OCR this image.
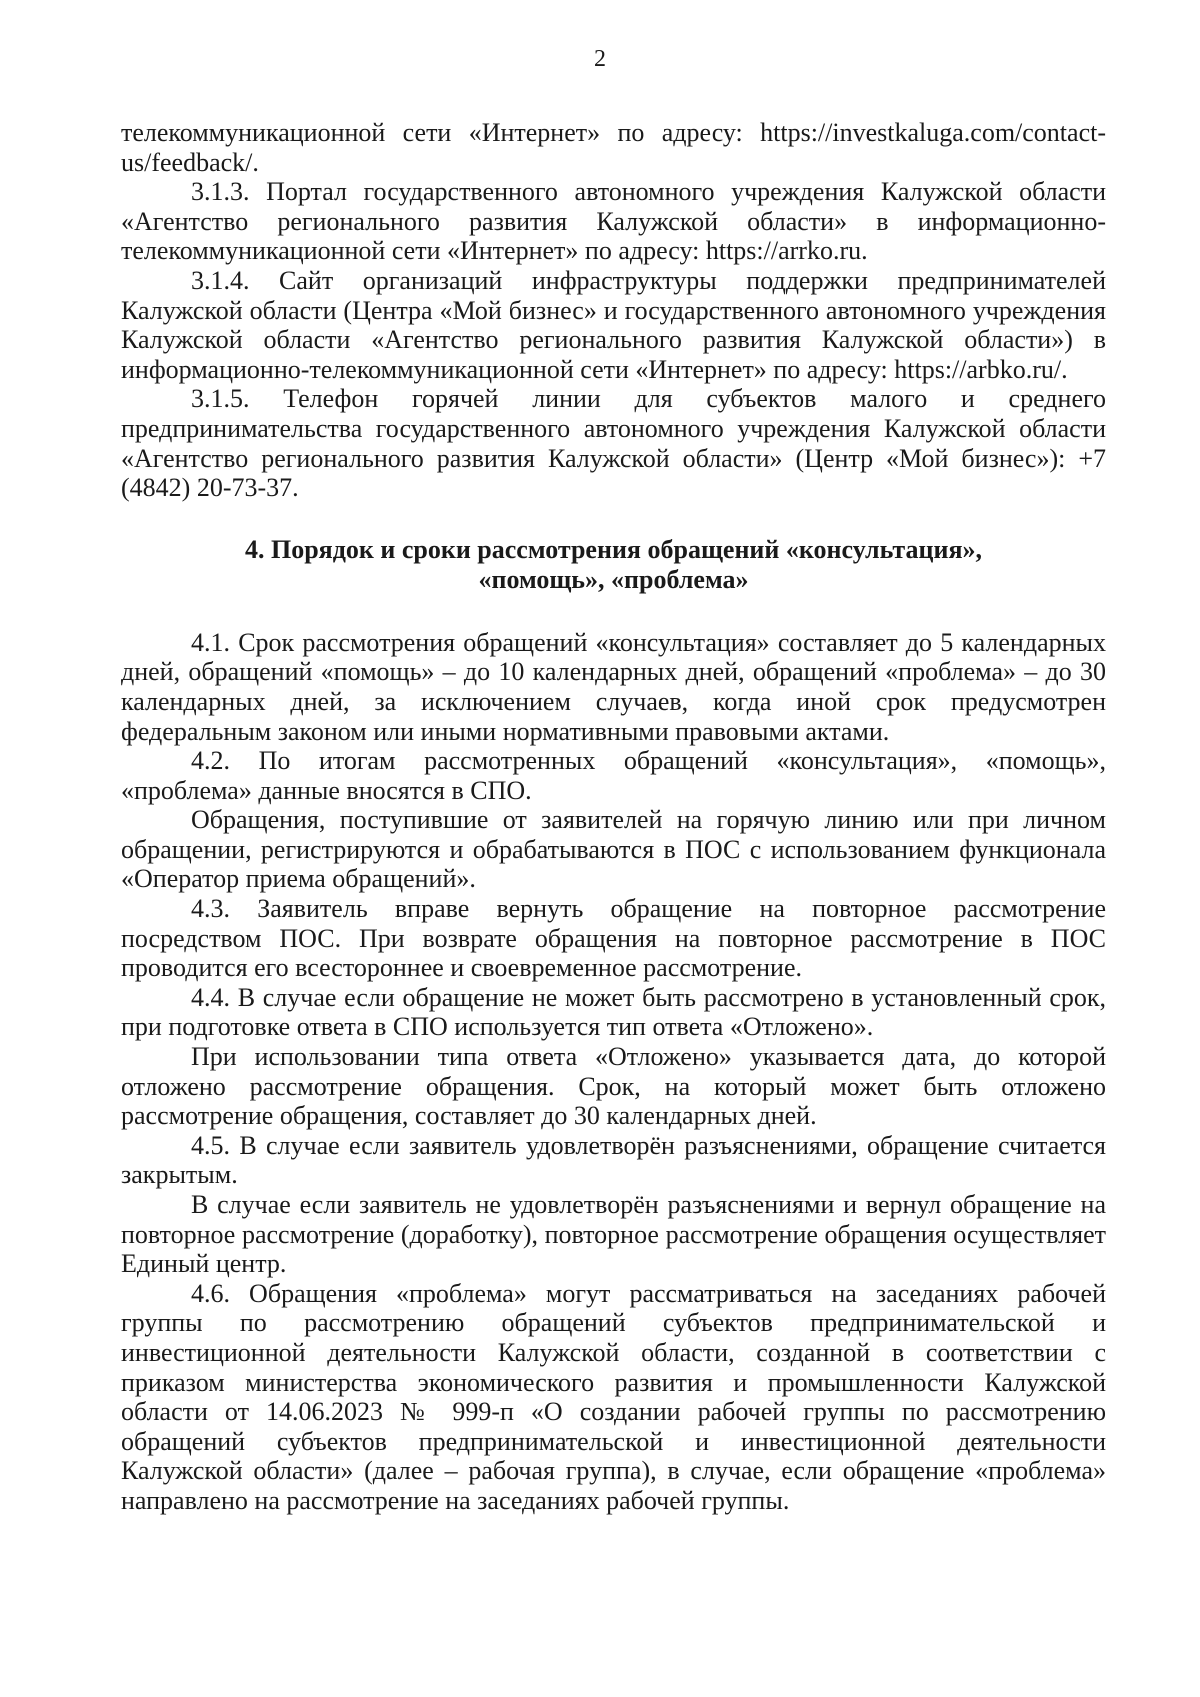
2

телекоммуникационной сети «Интернет» по адресу: https://investkaluga.com/contact-us/feedback/.

3.1.3. Портал государственного автономного учреждения Калужской области «Агентство регионального развития Калужской области» в информационно-телекоммуникационной сети «Интернет» по адресу: https://arrko.ru.

3.1.4. Сайт организаций инфраструктуры поддержки предпринимателей Калужской области (Центра «Мой бизнес» и государственного автономного учреждения Калужской области «Агентство регионального развития Калужской области») в информационно-телекоммуникационной сети «Интернет» по адресу: https://arbko.ru/.

3.1.5. Телефон горячей линии для субъектов малого и среднего предпринимательства государственного автономного учреждения Калужской области «Агентство регионального развития Калужской области» (Центр «Мой бизнес»): +7 (4842) 20-73-37.

4. Порядок и сроки рассмотрения обращений «консультация»,
«помощь», «проблема»

4.1. Срок рассмотрения обращений «консультация» составляет до 5 календарных дней, обращений «помощь» – до 10 календарных дней, обращений «проблема» – до 30 календарных дней, за исключением случаев, когда иной срок предусмотрен федеральным законом или иными нормативными правовыми актами.

4.2. По итогам рассмотренных обращений «консультация», «помощь», «проблема» данные вносятся в СПО.

Обращения, поступившие от заявителей на горячую линию или при личном обращении, регистрируются и обрабатываются в ПОС с использованием функционала «Оператор приема обращений».

4.3. Заявитель вправе вернуть обращение на повторное рассмотрение посредством ПОС. При возврате обращения на повторное рассмотрение в ПОС проводится его всестороннее и своевременное рассмотрение.

4.4. В случае если обращение не может быть рассмотрено в установленный срок, при подготовке ответа в СПО используется тип ответа «Отложено».

При использовании типа ответа «Отложено» указывается дата, до которой отложено рассмотрение обращения. Срок, на который может быть отложено рассмотрение обращения, составляет до 30 календарных дней.

4.5. В случае если заявитель удовлетворён разъяснениями, обращение считается закрытым.

В случае если заявитель не удовлетворён разъяснениями и вернул обращение на повторное рассмотрение (доработку), повторное рассмотрение обращения осуществляет Единый центр.

4.6. Обращения «проблема» могут рассматриваться на заседаниях рабочей группы по рассмотрению обращений субъектов предпринимательской и инвестиционной деятельности Калужской области, созданной в соответствии с приказом министерства экономического развития и промышленности Калужской области от 14.06.2023 № 999-п «О создании рабочей группы по рассмотрению обращений субъектов предпринимательской и инвестиционной деятельности Калужской области» (далее – рабочая группа), в случае, если обращение «проблема» направлено на рассмотрение на заседаниях рабочей группы.
